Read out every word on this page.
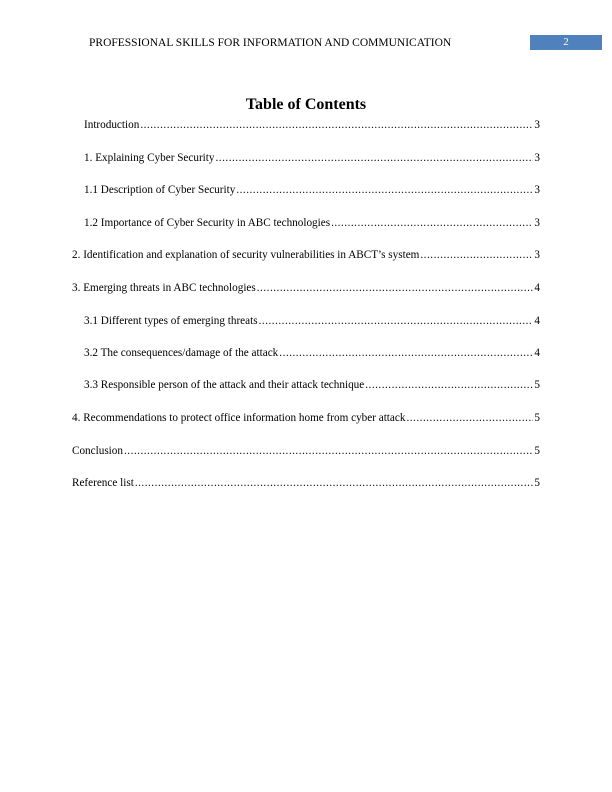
PROFESSIONAL SKILLS FOR INFORMATION AND COMMUNICATION	2
Table of Contents
Introduction .....	3
1. Explaining Cyber Security .....	3
1.1 Description of Cyber Security .....	3
1.2 Importance of Cyber Security in ABC technologies .....	3
2. Identification and explanation of security vulnerabilities in ABCT’s system .....	3
3. Emerging threats in ABC technologies .....	4
3.1 Different types of emerging threats .....	4
3.2 The consequences/damage of the attack .....	4
3.3 Responsible person of the attack and their attack technique .....	5
4. Recommendations to protect office information home from cyber attack .....	5
Conclusion .....	5
Reference list .....	5
